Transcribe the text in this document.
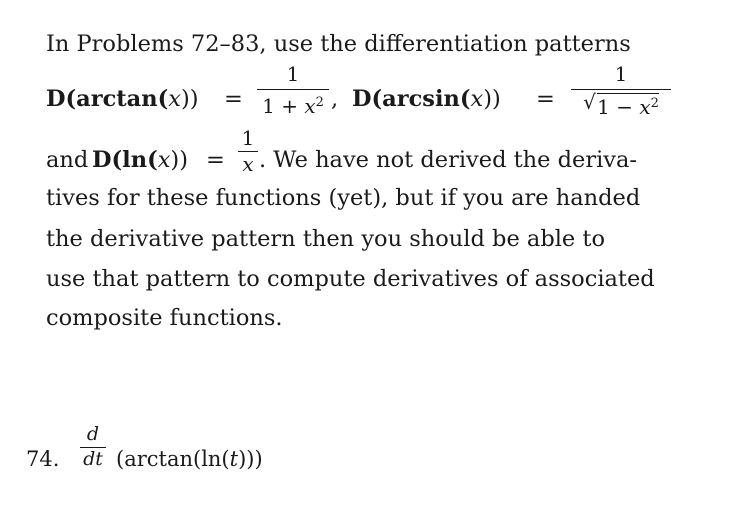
In Problems 72–83, use the differentiation patterns
D(arctan(x)) =
1
$1 + x^2$ , D(arcsin(x)) =
1
√ $1 - x^2$
and D(ln(x)) =
1
x . We have not derived the deriva-
tives for these functions (yet), but if you are handed
the derivative pattern then you should be able to
use that pattern to compute derivatives of associated
composite functions.
74.
d
dt (arctan(ln(t)))
